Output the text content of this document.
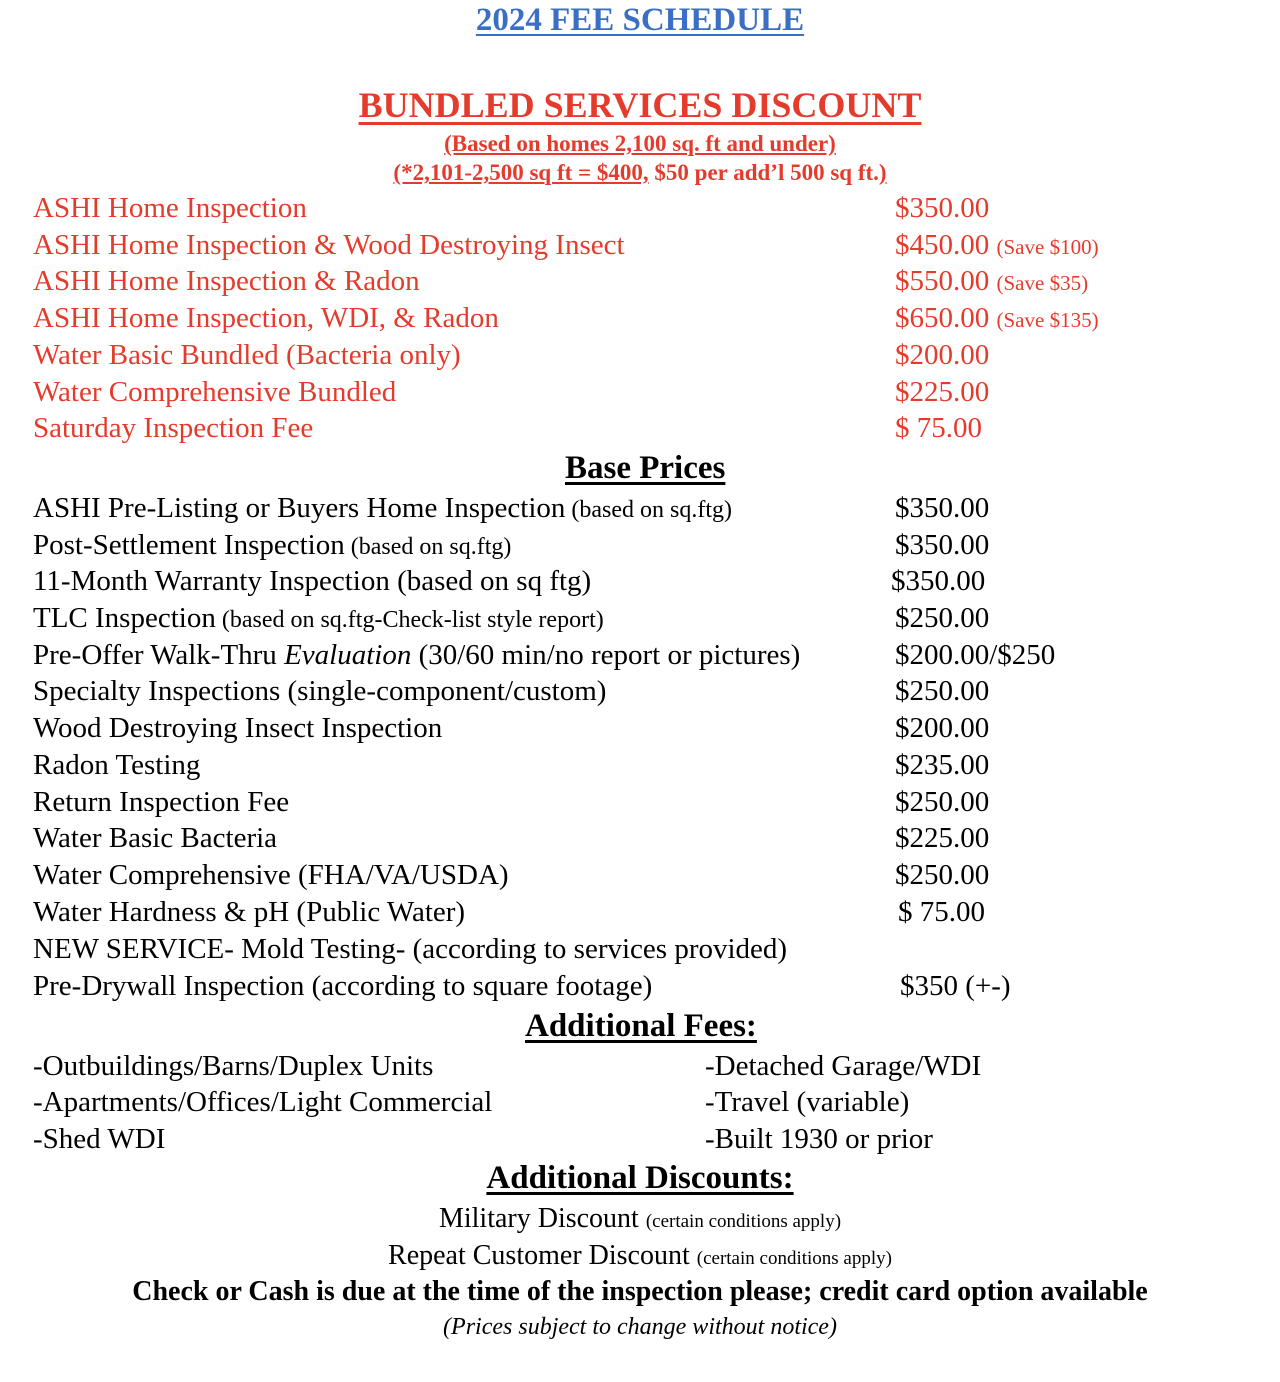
2024 FEE SCHEDULE
BUNDLED SERVICES DISCOUNT
(Based on homes 2,100 sq. ft and under)
(*2,101-2,500 sq ft = $400, $50 per add’l 500 sq ft.)
ASHI Home Inspection	$350.00
ASHI Home Inspection & Wood Destroying Insect	$450.00 (Save $100)
ASHI Home Inspection & Radon	$550.00 (Save $35)
ASHI Home Inspection, WDI, & Radon	$650.00 (Save $135)
Water Basic Bundled (Bacteria only)	$200.00
Water Comprehensive Bundled	$225.00
Saturday Inspection Fee	$ 75.00
Base Prices
ASHI Pre-Listing or Buyers Home Inspection (based on sq.ftg)	$350.00
Post-Settlement Inspection (based on sq.ftg)	$350.00
11-Month Warranty Inspection (based on sq ftg)	$350.00
TLC Inspection (based on sq.ftg-Check-list style report)	$250.00
Pre-Offer Walk-Thru Evaluation (30/60 min/no report or pictures)	$200.00/$250
Specialty Inspections (single-component/custom)	$250.00
Wood Destroying Insect Inspection	$200.00
Radon Testing	$235.00
Return Inspection Fee	$250.00
Water Basic Bacteria	$225.00
Water Comprehensive (FHA/VA/USDA)	$250.00
Water Hardness & pH (Public Water)	$ 75.00
NEW SERVICE- Mold Testing- (according to services provided)
Pre-Drywall Inspection (according to square footage)	$350 (+-)
Additional Fees:
-Outbuildings/Barns/Duplex Units
-Apartments/Offices/Light Commercial
-Shed WDI
-Detached Garage/WDI
-Travel (variable)
-Built 1930 or prior
Additional Discounts:
Military Discount (certain conditions apply)
Repeat Customer Discount (certain conditions apply)
Check or Cash is due at the time of the inspection please; credit card option available
(Prices subject to change without notice)
